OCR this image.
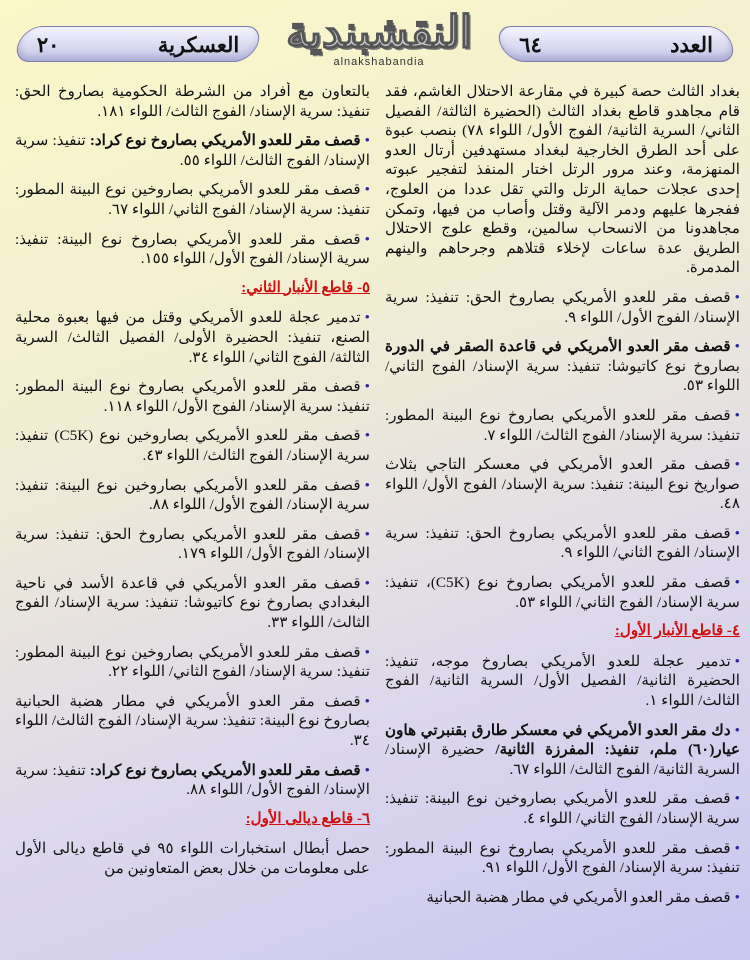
العدد
٦٤
النقشبندية
alnakshabandia
العسكرية
٢٠
بغداد الثالث حصة كبيرة في مقارعة الاحتلال الغاشم، فقد قام مجاهدو قاطع بغداد الثالث (الحضيرة الثالثة/ الفصيل الثاني/ السرية الثانية/ الفوج الأول/ اللواء ٧٨) بنصب عبوة على أحد الطرق الخارجية لبغداد مستهدفين أرتال العدو المنهزمة، وعند مرور الرتل اختار المنفذ لتفجير عبوته إحدى عجلات حماية الرتل والتي تقل عددا من العلوج، ففجرها عليهم ودمر الآلية وقتل وأصاب من فيها، وتمكن مجاهدونا من الانسحاب سالمين، وقطع علوج الاحتلال الطريق عدة ساعات لإخلاء قتلاهم وجرحاهم والينهم المدمرة.
• قصف مقر للعدو الأمريكي بصاروخ الحق: تنفيذ: سرية الإسناد/ الفوج الأول/ اللواء ٩.
• قصف مقر العدو الأمريكي في قاعدة الصقر في الدورة بصاروخ نوع كاتيوشا: تنفيذ: سرية الإسناد/ الفوج الثاني/ اللواء ٥٣.
• قصف مقر للعدو الأمريكي بصاروخ نوع البينة المطور: تنفيذ: سرية الإسناد/ الفوج الثالث/ اللواء ٧.
• قصف مقر العدو الأمريكي في معسكر التاجي بثلاث صواريخ نوع البينة: تنفيذ: سرية الإسناد/ الفوج الأول/ اللواء ٤٨.
• قصف مقر للعدو الأمريكي بصاروخ الحق: تنفيذ: سرية الإسناد/ الفوج الثاني/ اللواء ٩.
• قصف مقر للعدو الأمريكي بصاروخ نوع (C5K)، تنفيذ: سرية الإسناد/ الفوج الثاني/ اللواء ٥٣.
٤- قاطع الأنبار الأول:
• تدمير عجلة للعدو الأمريكي بصاروخ موجه، تنفيذ: الحضيرة الثانية/ الفصيل الأول/ السرية الثانية/ الفوج الثالث/ اللواء ١.
• دك مقر العدو الأمريكي في معسكر طارق بقنبرتي هاون عيار(٦٠) ملم، تنفيذ: المفرزة الثانية/ حضيرة الإسناد/ السرية الثانية/ الفوج الثالث/ اللواء ٦٧.
• قصف مقر للعدو الأمريكي بصاروخين نوع البينة: تنفيذ: سرية الإسناد/ الفوج الثاني/ اللواء ٤.
• قصف مقر للعدو الأمريكي بصاروخ نوع البينة المطور: تنفيذ: سرية الإسناد/ الفوج الأول/ اللواء ٩١.
• قصف مقر العدو الأمريكي في مطار هضبة الحبانية
بالتعاون مع أفراد من الشرطة الحكومية بصاروخ الحق: تنفيذ: سرية الإسناد/ الفوج الثالث/ اللواء ١٨١.
• قصف مقر للعدو الأمريكي بصاروخ نوع كراد: تنفيذ: سرية الإسناد/ الفوج الثالث/ اللواء ٥٥.
• قصف مقر للعدو الأمريكي بصاروخين نوع البينة المطور: تنفيذ: سرية الإسناد/ الفوج الثاني/ اللواء ٦٧.
• قصف مقر للعدو الأمريكي بصاروخ نوع البينة: تنفيذ: سرية الإسناد/ الفوج الأول/ اللواء ١٥٥.
٥- قاطع الأنبار الثاني:
• تدمير عجلة للعدو الأمريكي وقتل من فيها بعبوة محلية الصنع، تنفيذ: الحضيرة الأولى/ الفصيل الثالث/ السرية الثالثة/ الفوج الثاني/ اللواء ٣٤.
• قصف مقر للعدو الأمريكي بصاروخ نوع البينة المطور: تنفيذ: سرية الإسناد/ الفوج الأول/ اللواء ١١٨.
• قصف مقر للعدو الأمريكي بصاروخين نوع (C5K) تنفيذ: سرية الإسناد/ الفوج الثالث/ اللواء ٤٣.
• قصف مقر للعدو الأمريكي بصاروخين نوع البينة: تنفيذ: سرية الإسناد/ الفوج الأول/ اللواء ٨٨.
• قصف مقر للعدو الأمريكي بصاروخ الحق: تنفيذ: سرية الإسناد/ الفوج الأول/ اللواء ١٧٩.
• قصف مقر العدو الأمريكي في قاعدة الأسد في ناحية البغدادي بصاروخ نوع كاتيوشا: تنفيذ: سرية الإسناد/ الفوج الثالث/ اللواء ٣٣.
• قصف مقر للعدو الأمريكي بصاروخين نوع البينة المطور: تنفيذ: سرية الإسناد/ الفوج الثاني/ اللواء ٢٢.
• قصف مقر العدو الأمريكي في مطار هضبة الحبانية بصاروخ نوع البينة: تنفيذ: سرية الإسناد/ الفوج الثالث/ اللواء ٣٤.
• قصف مقر للعدو الأمريكي بصاروخ نوع كراد: تنفيذ: سرية الإسناد/ الفوج الأول/ اللواء ٨٨.
٦- قاطع ديالى الأول:
حصل أبطال استخبارات اللواء ٩٥ في قاطع ديالى الأول على معلومات من خلال بعض المتعاونين من
